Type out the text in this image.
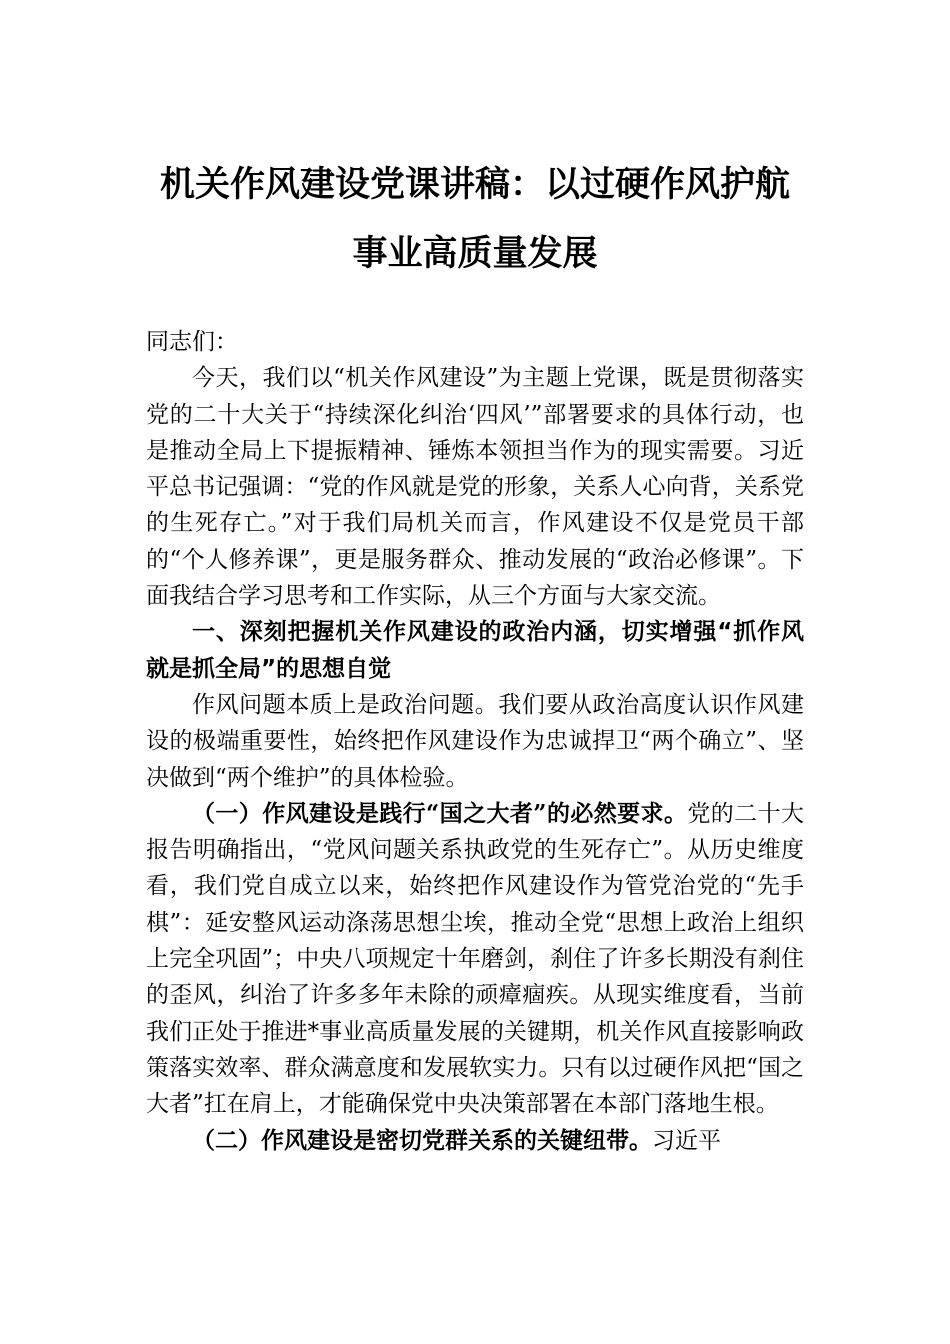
机关作风建设党课讲稿：以过硬作风护航
事业高质量发展

同志们：

今天，我们以“机关作风建设”为主题上党课，既是贯彻落实党的二十大关于“持续深化纠治‘四风’”部署要求的具体行动，也是推动全局上下提振精神、锤炼本领担当作为的现实需要。习近平总书记强调：“党的作风就是党的形象，关系人心向背，关系党的生死存亡。”对于我们局机关而言，作风建设不仅是党员干部的“个人修养课”，更是服务群众、推动发展的“政治必修课”。下面我结合学习思考和工作实际，从三个方面与大家交流。

一、深刻把握机关作风建设的政治内涵，切实增强“抓作风就是抓全局”的思想自觉

作风问题本质上是政治问题。我们要从政治高度认识作风建设的极端重要性，始终把作风建设作为忠诚捍卫“两个确立”、坚决做到“两个维护”的具体检验。

（一）作风建设是践行“国之大者”的必然要求。党的二十大报告明确指出，“党风问题关系执政党的生死存亡”。从历史维度看，我们党自成立以来，始终把作风建设作为管党治党的“先手棋”：延安整风运动涤荡思想尘埃，推动全党“思想上政治上组织上完全巩固”；中央八项规定十年磨剑，刹住了许多长期没有刹住的歪风，纠治了许多多年未除的顽瘴痼疾。从现实维度看，当前我们正处于推进*事业高质量发展的关键期，机关作风直接影响政策落实效率、群众满意度和发展软实力。只有以过硬作风把“国之大者”扛在肩上，才能确保党中央决策部署在本部门落地生根。

（二）作风建设是密切党群关系的关键纽带。习近平
